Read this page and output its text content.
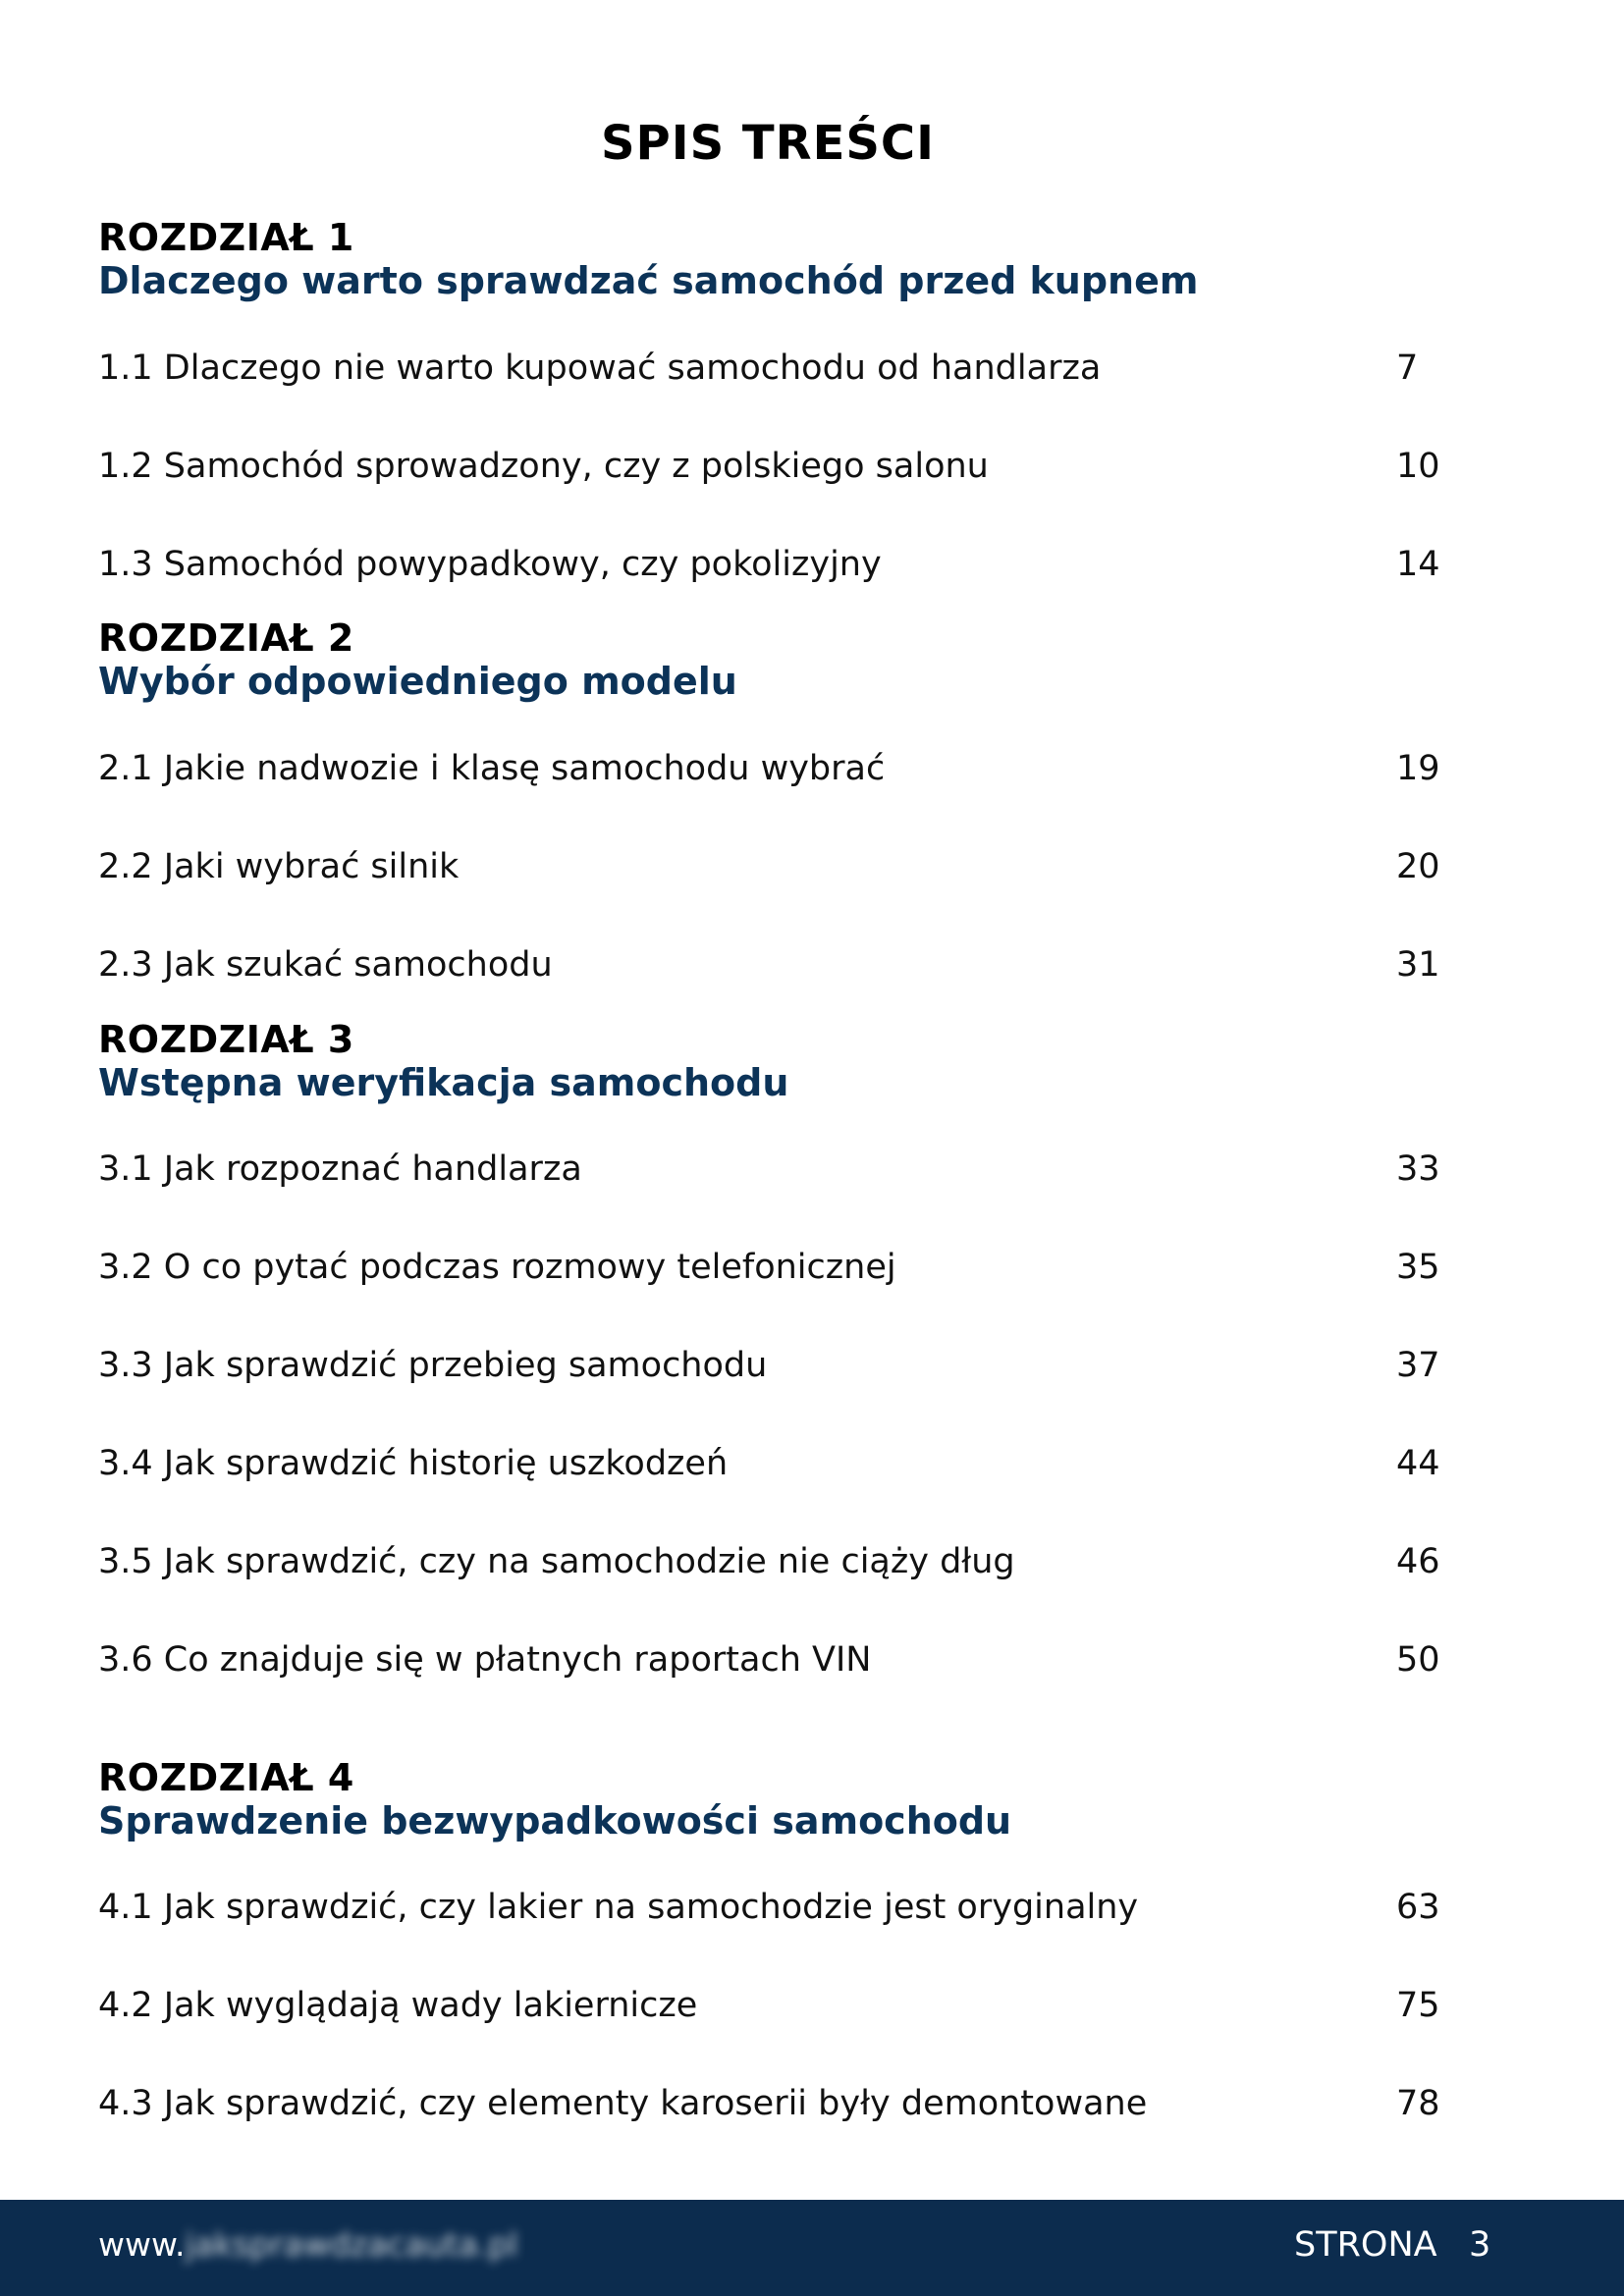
SPIS TREŚCI
ROZDZIAŁ 1
Dlaczego warto sprawdzać samochód przed kupnem
1.1 Dlaczego nie warto kupować samochodu od handlarza	7
1.2 Samochód sprowadzony, czy z polskiego salonu	10
1.3 Samochód powypadkowy, czy pokolizyjny	14
ROZDZIAŁ 2
Wybór odpowiedniego modelu
2.1 Jakie nadwozie i klasę samochodu wybrać	19
2.2 Jaki wybrać silnik	20
2.3 Jak szukać samochodu	31
ROZDZIAŁ 3
Wstępna weryfikacja samochodu
3.1 Jak rozpoznać handlarza	33
3.2 O co pytać podczas rozmowy telefonicznej	35
3.3 Jak sprawdzić przebieg samochodu	37
3.4 Jak sprawdzić historię uszkodzeń	44
3.5 Jak sprawdzić, czy na samochodzie nie ciąży dług	46
3.6 Co znajduje się w płatnych raportach VIN	50
ROZDZIAŁ 4
Sprawdzenie bezwypadkowości samochodu
4.1 Jak sprawdzić, czy lakier na samochodzie jest oryginalny	63
4.2 Jak wyglądają wady lakiernicze	75
4.3 Jak sprawdzić, czy elementy karoserii były demontowane	78
www.jaksprawdzacauta.pl	STRONA 3
